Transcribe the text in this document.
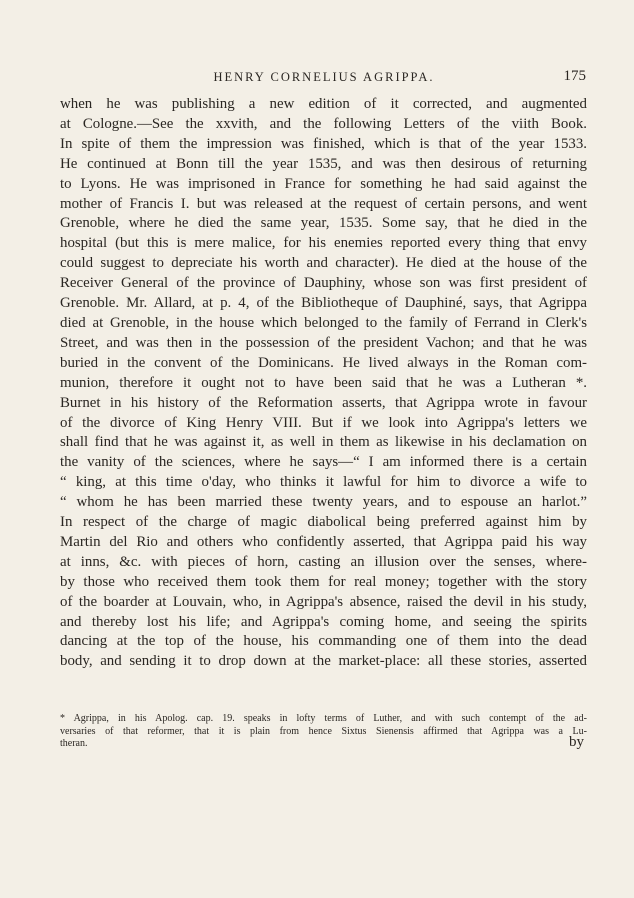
HENRY CORNELIUS AGRIPPA.	175
when he was publishing a new edition of it corrected, and augmented
at Cologne.—See the xxvith, and the following Letters of the viith Book.
In spite of them the impression was finished, which is that of the year 1533.
He continued at Bonn till the year 1535, and was then desirous of returning
to Lyons. He was imprisoned in France for something he had said against the
mother of Francis I. but was released at the request of certain persons, and went
Grenoble, where he died the same year, 1535. Some say, that he died in the
hospital (but this is mere malice, for his enemies reported every thing that envy
could suggest to depreciate his worth and character). He died at the house of the
Receiver General of the province of Dauphiny, whose son was first president of
Grenoble. Mr. Allard, at p. 4, of the Bibliotheque of Dauphiné, says, that Agrippa
died at Grenoble, in the house which belonged to the family of Ferrand in Clerk's
Street, and was then in the possession of the president Vachon; and that he was
buried in the convent of the Dominicans. He lived always in the Roman com-
munion, therefore it ought not to have been said that he was a Lutheran *.
Burnet in his history of the Reformation asserts, that Agrippa wrote in favour
of the divorce of King Henry VIII. But if we look into Agrippa's letters we
shall find that he was against it, as well in them as likewise in his declamation on
the vanity of the sciences, where he says—“ I am informed there is a certain
“ king, at this time o'day, who thinks it lawful for him to divorce a wife to
“ whom he has been married these twenty years, and to espouse an harlot.”
In respect of the charge of magic diabolical being preferred against him by
Martin del Rio and others who confidently asserted, that Agrippa paid his way
at inns, &c. with pieces of horn, casting an illusion over the senses, where-
by those who received them took them for real money; together with the story
of the boarder at Louvain, who, in Agrippa's absence, raised the devil in his study,
and thereby lost his life; and Agrippa's coming home, and seeing the spirits
dancing at the top of the house, his commanding one of them into the dead
body, and sending it to drop down at the market-place: all these stories, asserted
* Agrippa, in his Apolog. cap. 19. speaks in lofty terms of Luther, and with such contempt of the ad-
versaries of that reformer, that it is plain from hence Sixtus Sienensis affirmed that Agrippa was a Lu-
theran.	by
